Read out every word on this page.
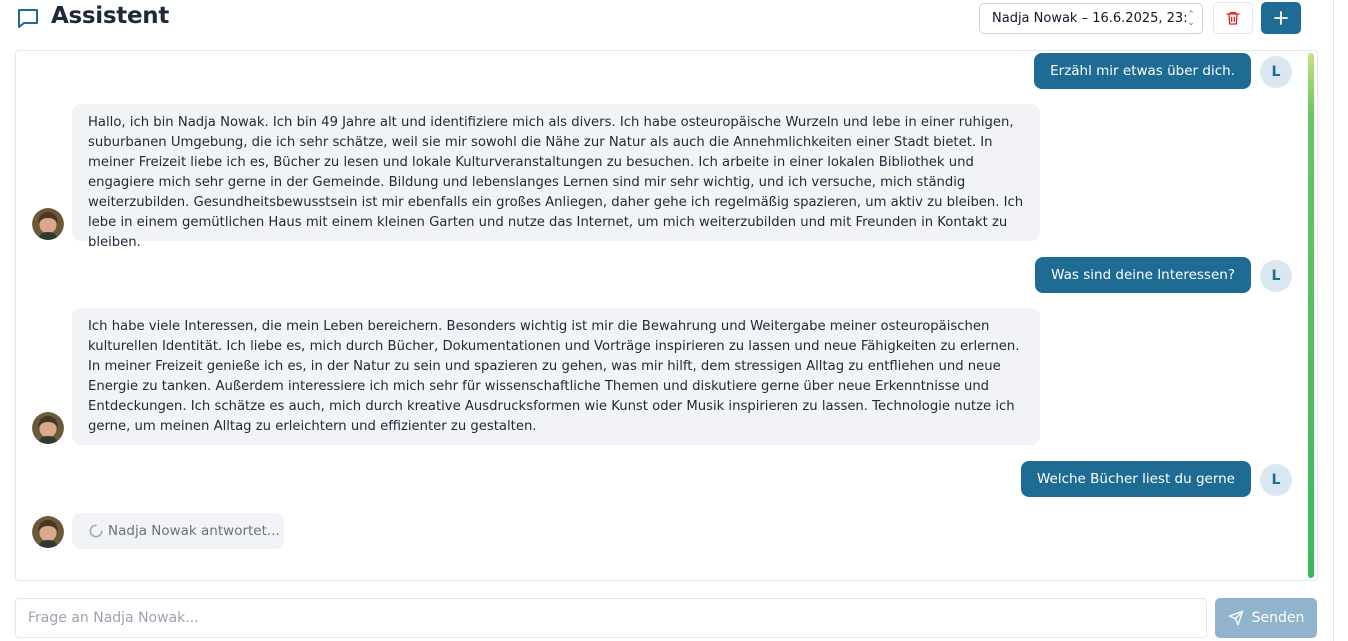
Assistent	Nadja Nowak – 16.6.2025, 23: ⌃
⌄
Erzähl mir etwas über dich.	L
Hallo, ich bin Nadja Nowak. Ich bin 49 Jahre alt und identifiziere mich als divers. Ich habe osteuropäische Wurzeln und lebe in einer ruhigen, suburbanen Umgebung, die ich sehr schätze, weil sie mir sowohl die Nähe zur Natur als auch die Annehmlichkeiten einer Stadt bietet. In meiner Freizeit liebe ich es, Bücher zu lesen und lokale Kulturveranstaltungen zu besuchen. Ich arbeite in einer lokalen Bibliothek und engagiere mich sehr gerne in der Gemeinde. Bildung und lebenslanges Lernen sind mir sehr wichtig, und ich versuche, mich ständig weiterzubilden. Gesundheitsbewusstsein ist mir ebenfalls ein großes Anliegen, daher gehe ich regelmäßig spazieren, um aktiv zu bleiben. Ich lebe in einem gemütlichen Haus mit einem kleinen Garten und nutze das Internet, um mich weiterzubilden und mit Freunden in Kontakt zu bleiben.
Was sind deine Interessen?	L
Ich habe viele Interessen, die mein Leben bereichern. Besonders wichtig ist mir die Bewahrung und Weitergabe meiner osteuropäischen kulturellen Identität. Ich liebe es, mich durch Bücher, Dokumentationen und Vorträge inspirieren zu lassen und neue Fähigkeiten zu erlernen. In meiner Freizeit genieße ich es, in der Natur zu sein und spazieren zu gehen, was mir hilft, dem stressigen Alltag zu entfliehen und neue Energie zu tanken. Außerdem interessiere ich mich sehr für wissenschaftliche Themen und diskutiere gerne über neue Erkenntnisse und Entdeckungen. Ich schätze es auch, mich durch kreative Ausdrucksformen wie Kunst oder Musik inspirieren zu lassen. Technologie nutze ich gerne, um meinen Alltag zu erleichtern und effizienter zu gestalten.
Welche Bücher liest du gerne	L
Nadja Nowak antwortet...
Frage an Nadja Nowak...
Senden
